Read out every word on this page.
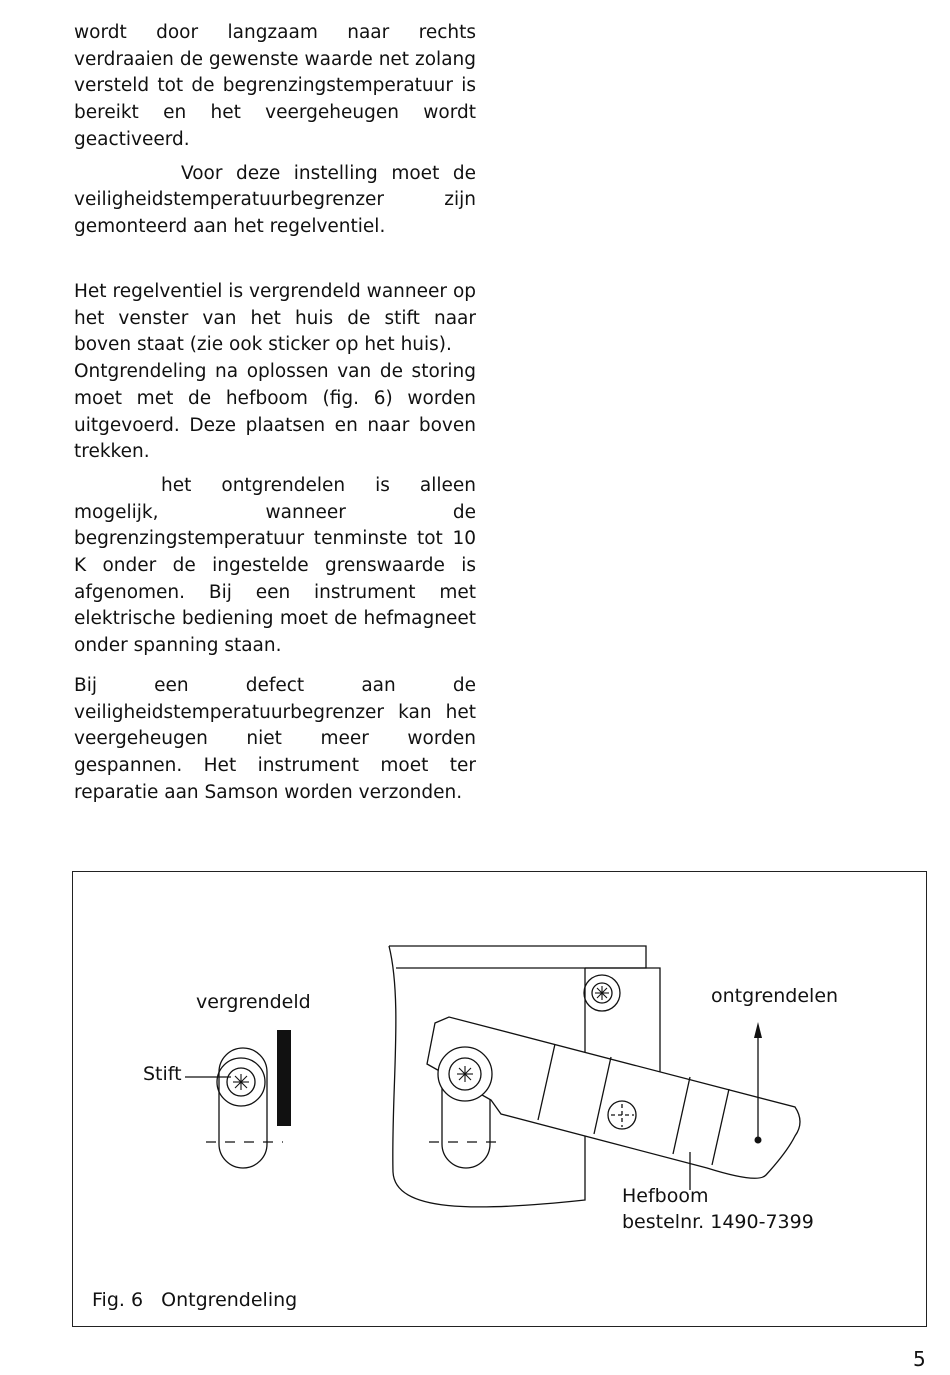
wordt door langzaam naar rechts verdraaien de gewenste waarde net zolang versteld tot de begrenzingstemperatuur is bereikt en het veergeheugen wordt geactiveerd.

Voor deze instelling moet de veiligheidstemperatuurbegrenzer zijn gemonteerd aan het regelventiel.

Het regelventiel is vergrendeld wanneer op het venster van het huis de stift naar boven staat (zie ook sticker op het huis).

Ontgrendeling na oplossen van de storing moet met de hefboom (fig. 6) worden uitgevoerd. Deze plaatsen en naar boven trekken.

het ontgrendelen is alleen mogelijk, wanneer de begrenzingstemperatuur tenminste tot 10 K onder de ingestelde grenswaarde is afgenomen. Bij een instrument met elektrische bediening moet de hefmagneet onder spanning staan.

Bij een defect aan de veiligheidstemperatuurbegrenzer kan het veergeheugen niet meer worden gespannen. Het instrument moet ter reparatie aan Samson worden verzonden.

vergrendeld
Stift
ontgrendelen
Hefboom
bestelnr. 1490-7399
Fig. 6   Ontgrendeling
5
